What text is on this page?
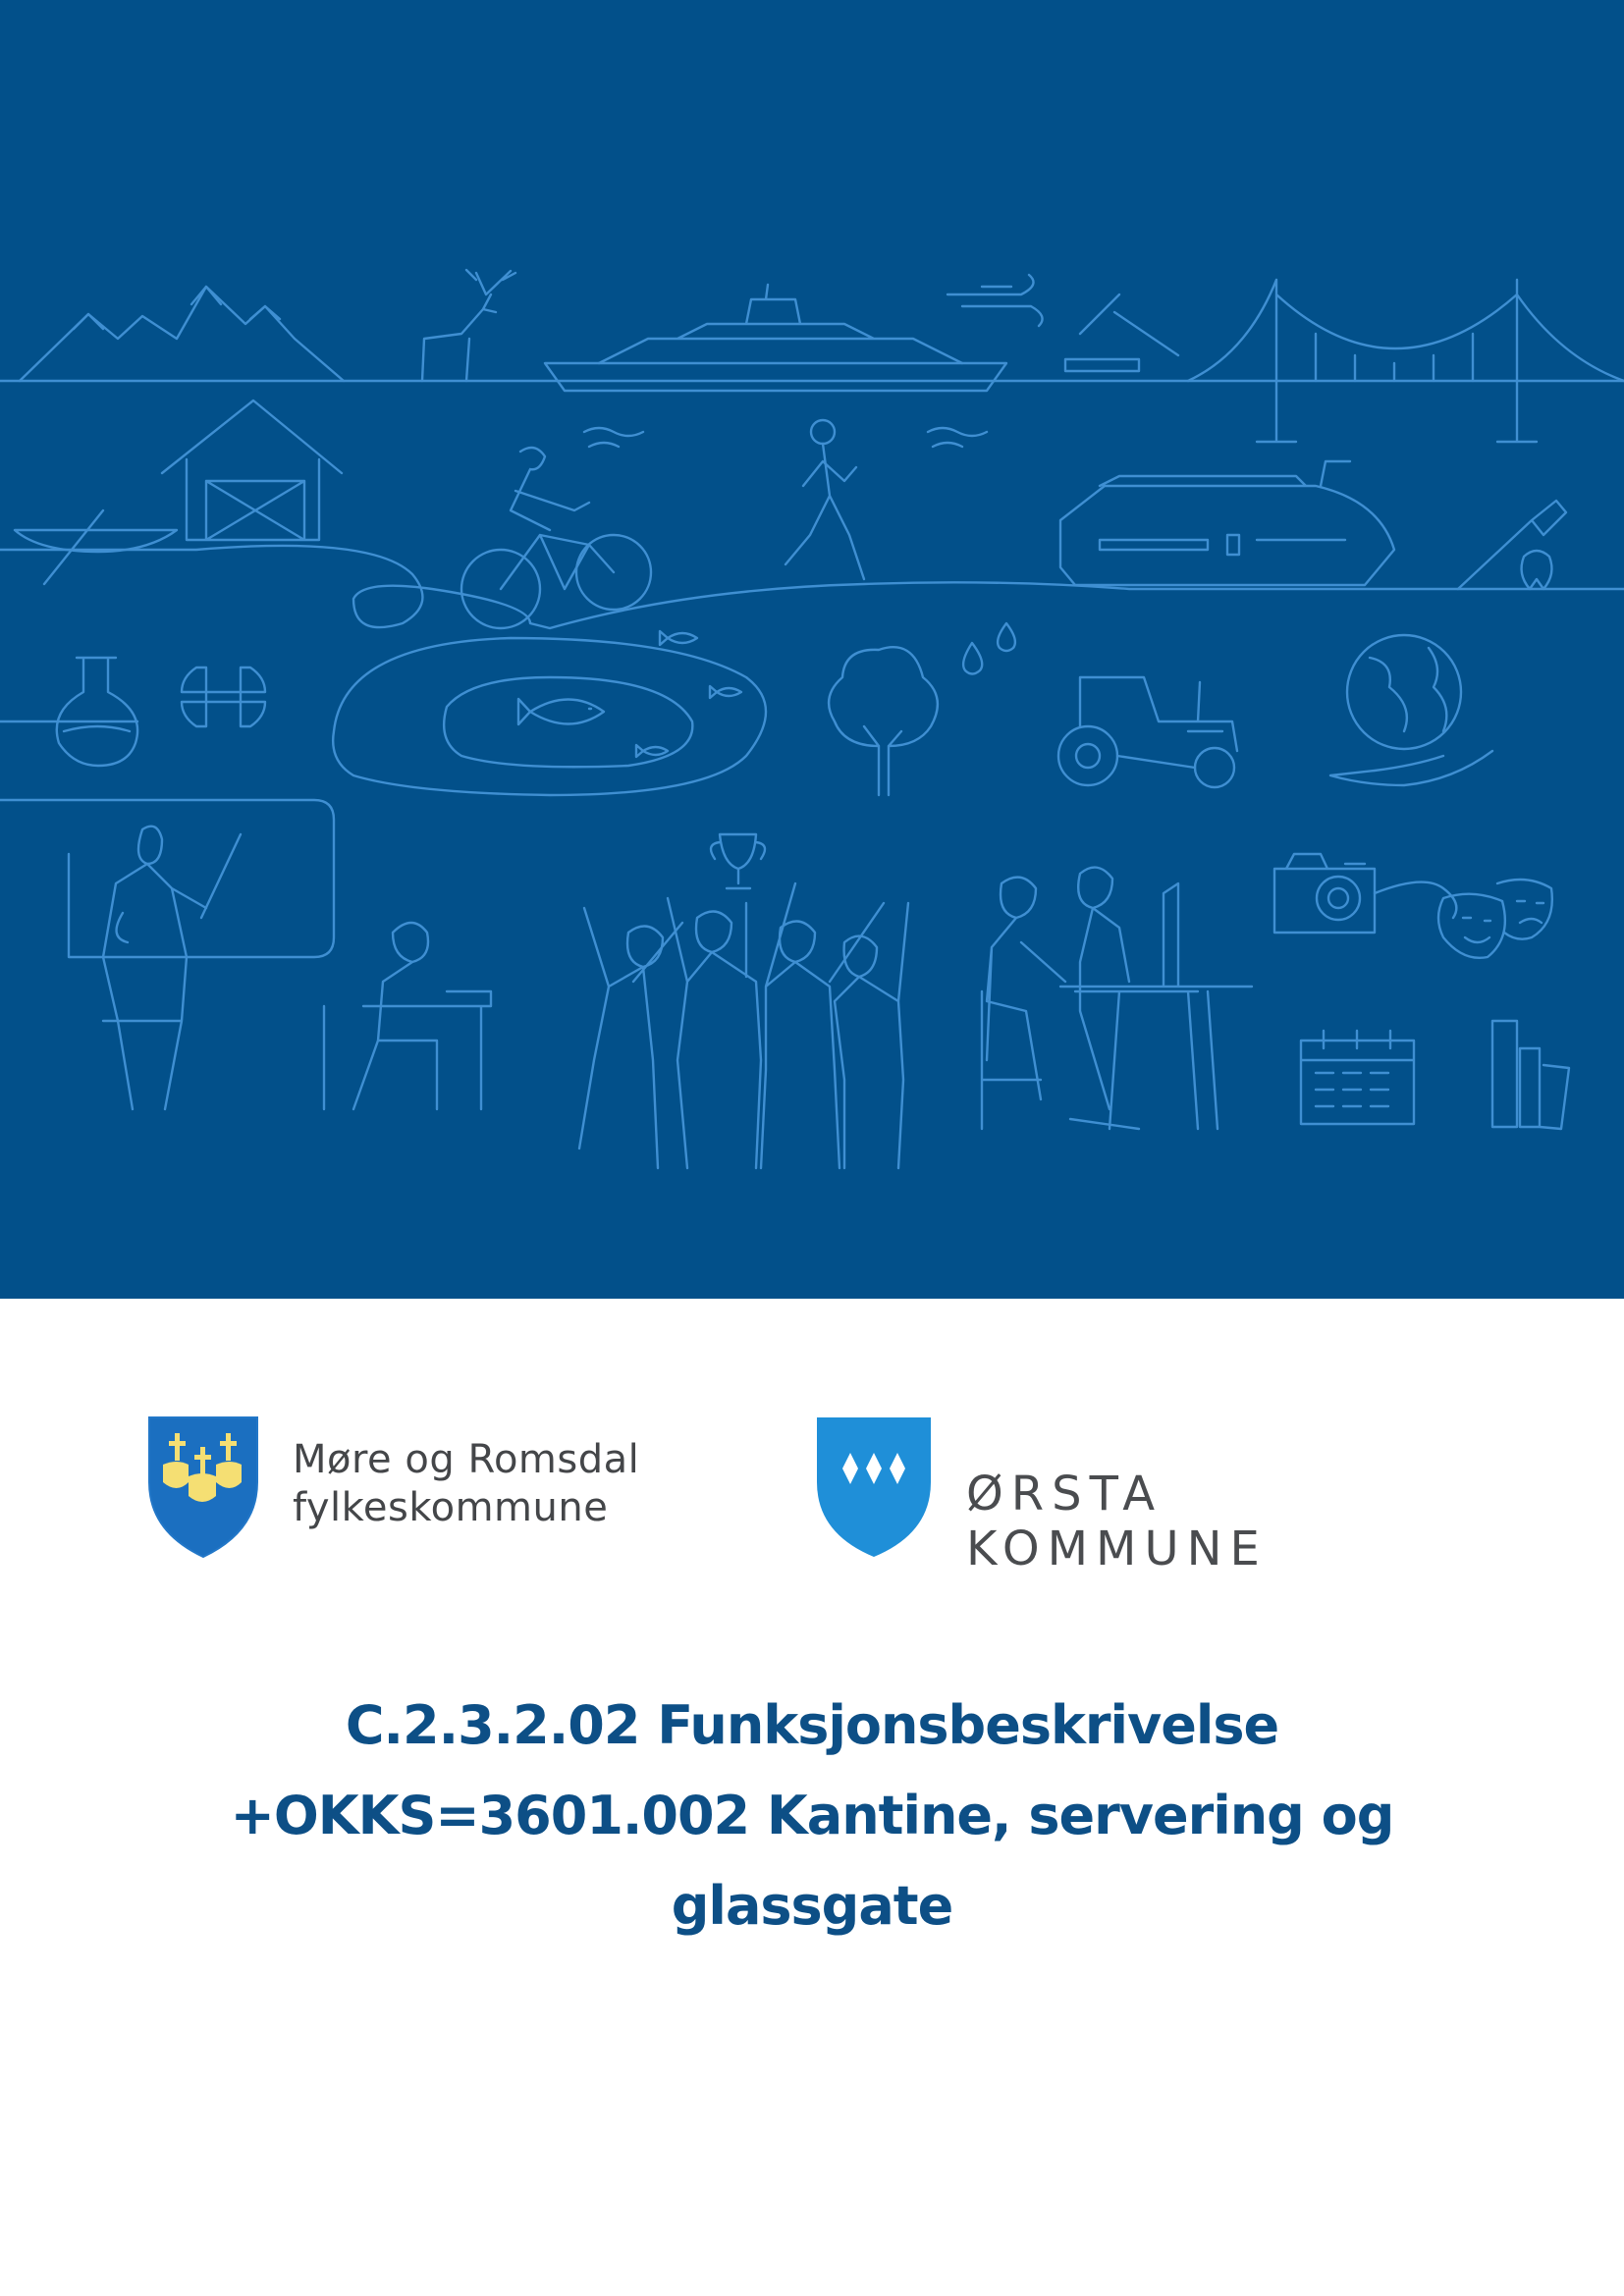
Møre og Romsdal
fylkeskommune	ØRSTA KOMMUNE
C.2.3.2.02 Funksjonsbeskrivelse
+OKKS=3601.002 Kantine, servering og
glassgate
